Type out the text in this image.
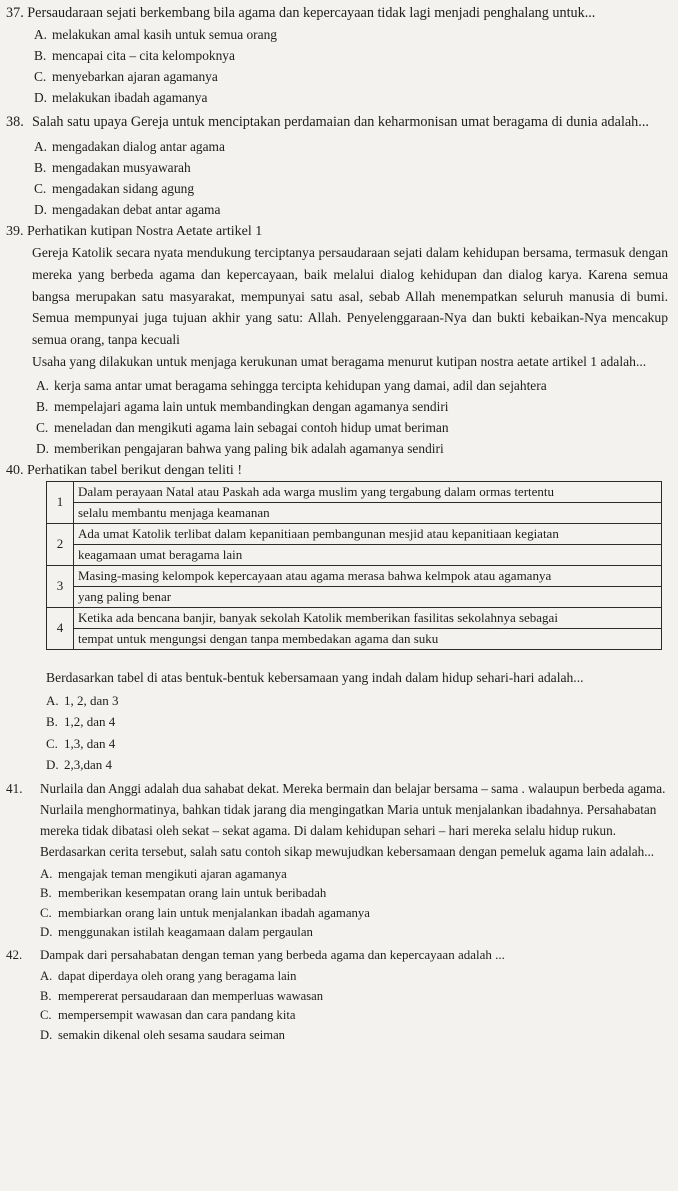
37. Persaudaraan sejati berkembang bila agama dan kepercayaan tidak lagi menjadi penghalang untuk...
A. melakukan amal kasih untuk semua orang
B. mencapai cita – cita kelompoknya
C. menyebarkan ajaran agamanya
D. melakukan ibadah agamanya
38. Salah satu upaya Gereja untuk menciptakan perdamaian dan keharmonisan umat beragama di dunia adalah...
A. mengadakan dialog antar agama
B. mengadakan musyawarah
C. mengadakan sidang agung
D. mengadakan debat antar agama
39. Perhatikan kutipan Nostra Aetate artikel 1
Gereja Katolik secara nyata mendukung terciptanya persaudaraan sejati dalam kehidupan bersama, termasuk dengan mereka yang berbeda agama dan kepercayaan, baik melalui dialog kehidupan dan dialog karya. Karena semua bangsa merupakan satu masyarakat, mempunyai satu asal, sebab Allah menempatkan seluruh manusia di bumi. Semua mempunyai juga tujuan akhir yang satu: Allah. Penyelenggaraan-Nya dan bukti kebaikan-Nya mencakup semua orang, tanpa kecuali
Usaha yang dilakukan untuk menjaga kerukunan umat beragama menurut kutipan nostra aetate artikel 1 adalah...
A. kerja sama antar umat beragama sehingga tercipta kehidupan yang damai, adil dan sejahtera
B. mempelajari agama lain untuk membandingkan dengan agamanya sendiri
C. meneladan dan mengikuti agama lain sebagai contoh hidup umat beriman
D. memberikan pengajaran bahwa yang paling bik adalah agamanya sendiri
40. Perhatikan tabel berikut dengan teliti !
1	Dalam perayaan Natal atau Paskah ada warga muslim yang tergabung dalam ormas tertentu
	selalu membantu menjaga keamanan
2	Ada umat Katolik terlibat dalam kepanitiaan pembangunan mesjid atau kepanitiaan kegiatan
	keagamaan umat beragama lain
3	Masing-masing kelompok kepercayaan atau agama merasa bahwa kelmpok atau agamanya
	yang paling benar
4	Ketika ada bencana banjir, banyak sekolah Katolik memberikan fasilitas sekolahnya sebagai
	tempat untuk mengungsi dengan tanpa membedakan agama dan suku
Berdasarkan tabel di atas bentuk-bentuk kebersamaan yang indah dalam hidup sehari-hari adalah...
A. 1, 2, dan 3
B. 1,2, dan 4
C. 1,3, dan 4
D. 2,3,dan 4
41. Nurlaila dan Anggi adalah dua sahabat dekat. Mereka bermain dan belajar bersama – sama . walaupun berbeda agama. Nurlaila menghormatinya, bahkan tidak jarang dia mengingatkan Maria untuk menjalankan ibadahnya. Persahabatan mereka tidak dibatasi oleh sekat – sekat agama. Di dalam kehidupan sehari – hari mereka selalu hidup rukun. Berdasarkan cerita tersebut, salah satu contoh sikap mewujudkan kebersamaan dengan pemeluk agama lain adalah...
A. mengajak teman mengikuti ajaran agamanya
B. memberikan kesempatan orang lain untuk beribadah
C. membiarkan orang lain untuk menjalankan ibadah agamanya
D. menggunakan istilah keagamaan dalam pergaulan
42. Dampak dari persahabatan dengan teman yang berbeda agama dan kepercayaan adalah ...
A. dapat diperdaya oleh orang yang beragama lain
B. mempererat persaudaraan dan memperluas wawasan
C. mempersempit wawasan dan cara pandang kita
D. semakin dikenal oleh sesama saudara seiman
